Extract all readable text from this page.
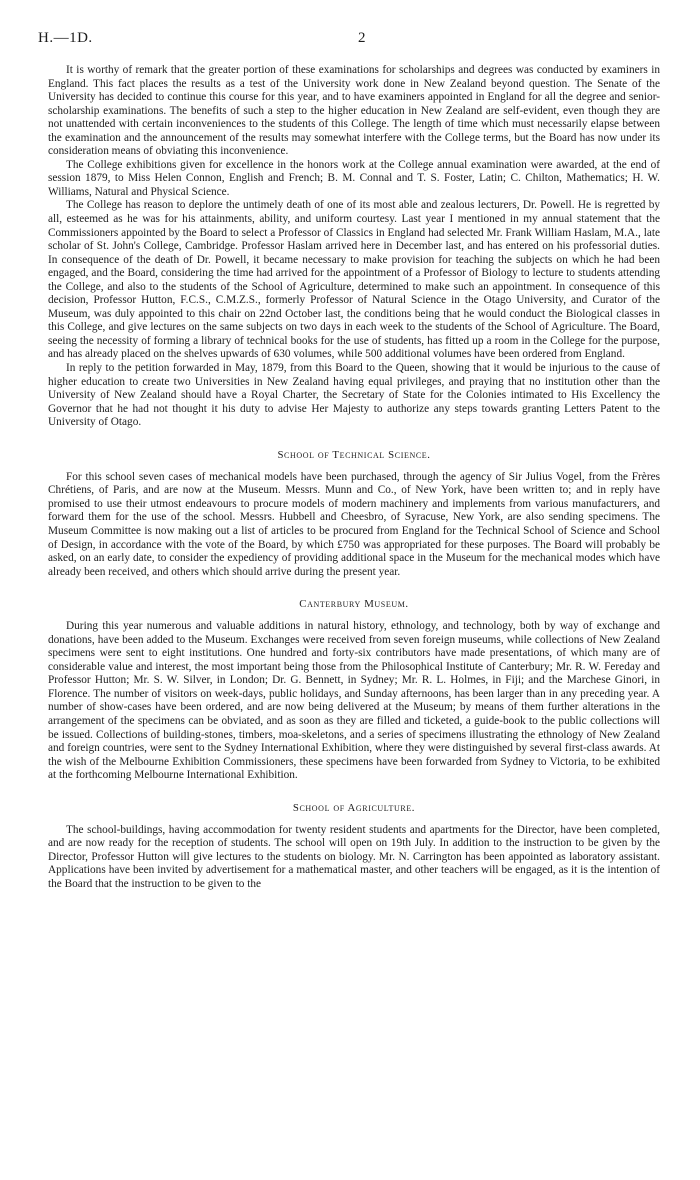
H.—1D.	2

It is worthy of remark that the greater portion of these examinations for scholarships and degrees was conducted by examiners in England. This fact places the results as a test of the University work done in New Zealand beyond question. The Senate of the University has decided to continue this course for this year, and to have examiners appointed in England for all the degree and senior-scholarship examinations. The benefits of such a step to the higher education in New Zealand are self-evident, even though they are not unattended with certain inconveniences to the students of this College. The length of time which must necessarily elapse between the examination and the announcement of the results may somewhat interfere with the College terms, but the Board has now under its consideration means of obviating this inconvenience.

The College exhibitions given for excellence in the honors work at the College annual examination were awarded, at the end of session 1879, to Miss Helen Connon, English and French; B. M. Connal and T. S. Foster, Latin; C. Chilton, Mathematics; H. W. Williams, Natural and Physical Science.

The College has reason to deplore the untimely death of one of its most able and zealous lecturers, Dr. Powell. He is regretted by all, esteemed as he was for his attainments, ability, and uniform courtesy. Last year I mentioned in my annual statement that the Commissioners appointed by the Board to select a Professor of Classics in England had selected Mr. Frank William Haslam, M.A., late scholar of St. John's College, Cambridge. Professor Haslam arrived here in December last, and has entered on his professorial duties. In consequence of the death of Dr. Powell, it became necessary to make provision for teaching the subjects on which he had been engaged, and the Board, considering the time had arrived for the appointment of a Professor of Biology to lecture to students attending the College, and also to the students of the School of Agriculture, determined to make such an appointment. In consequence of this decision, Professor Hutton, F.C.S., C.M.Z.S., formerly Professor of Natural Science in the Otago University, and Curator of the Museum, was duly appointed to this chair on 22nd October last, the conditions being that he would conduct the Biological classes in this College, and give lectures on the same subjects on two days in each week to the students of the School of Agriculture. The Board, seeing the necessity of forming a library of technical books for the use of students, has fitted up a room in the College for the purpose, and has already placed on the shelves upwards of 630 volumes, while 500 additional volumes have been ordered from England.

In reply to the petition forwarded in May, 1879, from this Board to the Queen, showing that it would be injurious to the cause of higher education to create two Universities in New Zealand having equal privileges, and praying that no institution other than the University of New Zealand should have a Royal Charter, the Secretary of State for the Colonies intimated to His Excellency the Governor that he had not thought it his duty to advise Her Majesty to authorize any steps towards granting Letters Patent to the University of Otago.

School of Technical Science.

For this school seven cases of mechanical models have been purchased, through the agency of Sir Julius Vogel, from the Frères Chrétiens, of Paris, and are now at the Museum. Messrs. Munn and Co., of New York, have been written to; and in reply have promised to use their utmost endeavours to procure models of modern machinery and implements from various manufacturers, and forward them for the use of the school. Messrs. Hubbell and Cheesbro, of Syracuse, New York, are also sending specimens. The Museum Committee is now making out a list of articles to be procured from England for the Technical School of Science and School of Design, in accordance with the vote of the Board, by which £750 was appropriated for these purposes. The Board will probably be asked, on an early date, to consider the expediency of providing additional space in the Museum for the mechanical modes which have already been received, and others which should arrive during the present year.

Canterbury Museum.

During this year numerous and valuable additions in natural history, ethnology, and technology, both by way of exchange and donations, have been added to the Museum. Exchanges were received from seven foreign museums, while collections of New Zealand specimens were sent to eight institutions. One hundred and forty-six contributors have made presentations, of which many are of considerable value and interest, the most important being those from the Philosophical Institute of Canterbury; Mr. R. W. Fereday and Professor Hutton; Mr. S. W. Silver, in London; Dr. G. Bennett, in Sydney; Mr. R. L. Holmes, in Fiji; and the Marchese Ginori, in Florence. The number of visitors on week-days, public holidays, and Sunday afternoons, has been larger than in any preceding year. A number of show-cases have been ordered, and are now being delivered at the Museum; by means of them further alterations in the arrangement of the specimens can be obviated, and as soon as they are filled and ticketed, a guide-book to the public collections will be issued. Collections of building-stones, timbers, moa-skeletons, and a series of specimens illustrating the ethnology of New Zealand and foreign countries, were sent to the Sydney International Exhibition, where they were distinguished by several first-class awards. At the wish of the Melbourne Exhibition Commissioners, these specimens have been forwarded from Sydney to Victoria, to be exhibited at the forthcoming Melbourne International Exhibition.

School of Agriculture.

The school-buildings, having accommodation for twenty resident students and apartments for the Director, have been completed, and are now ready for the reception of students. The school will open on 19th July. In addition to the instruction to be given by the Director, Professor Hutton will give lectures to the students on biology. Mr. N. Carrington has been appointed as laboratory assistant. Applications have been invited by advertisement for a mathematical master, and other teachers will be engaged, as it is the intention of the Board that the instruction to be given to the
